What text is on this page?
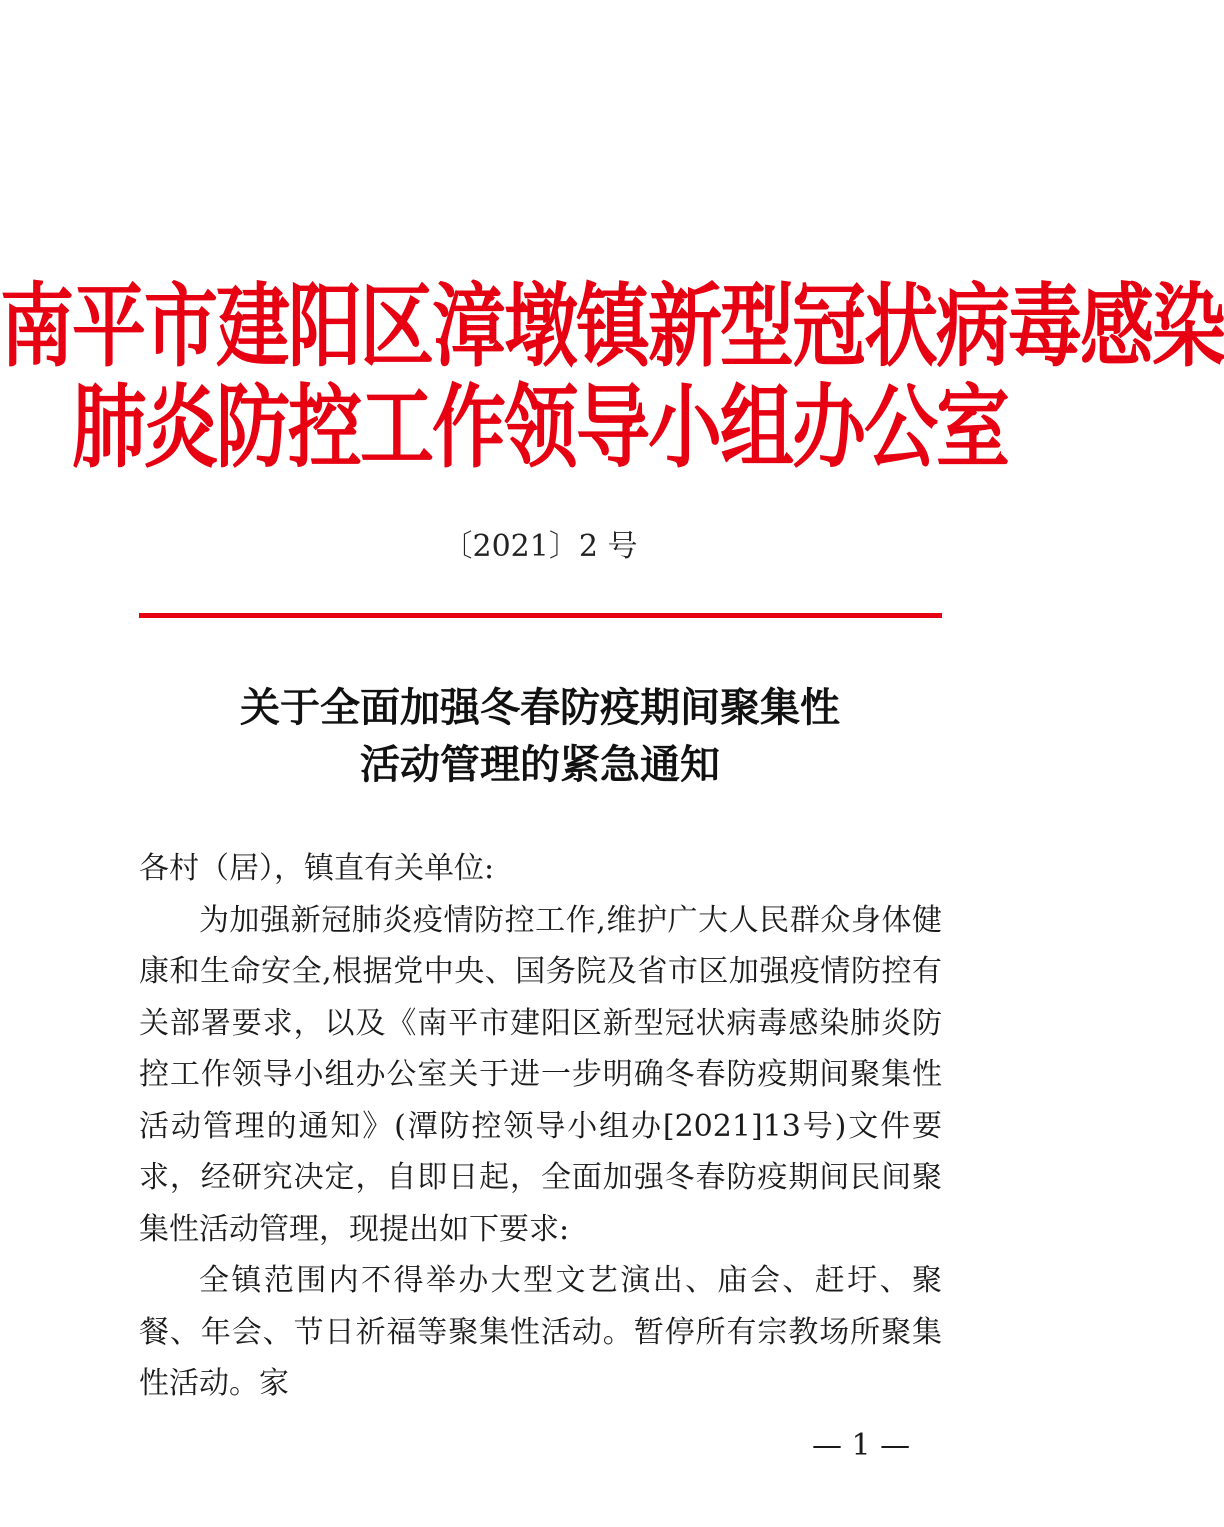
南平市建阳区漳墩镇新型冠状病毒感染
肺炎防控工作领导小组办公室
〔2021〕2 号
关于全面加强冬春防疫期间聚集性
活动管理的紧急通知

各村（居），镇直有关单位:

为加强新冠肺炎疫情防控工作,维护广大人民群众身体健康和生命安全,根据党中央、国务院及省市区加强疫情防控有关部署要求，以及《南平市建阳区新型冠状病毒感染肺炎防控工作领导小组办公室关于进一步明确冬春防疫期间聚集性活动管理的通知》(潭防控领导小组办[2021]13号)文件要求，经研究决定，自即日起，全面加强冬春防疫期间民间聚集性活动管理，现提出如下要求:

全镇范围内不得举办大型文艺演出、庙会、赶圩、聚餐、年会、节日祈福等聚集性活动。暂停所有宗教场所聚集性活动。家

— 1 —
